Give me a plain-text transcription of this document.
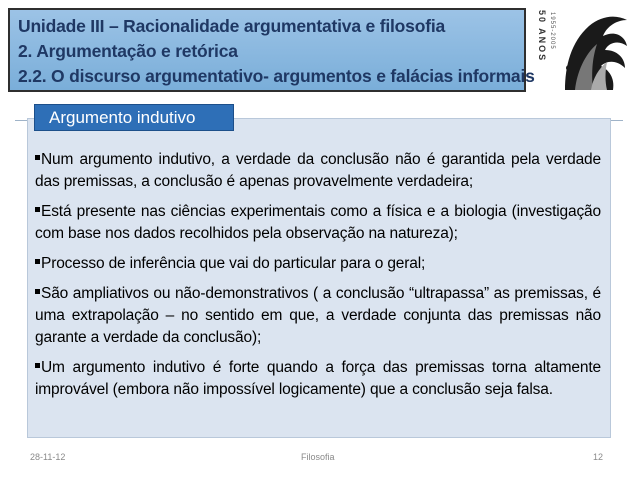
Unidade III – Racionalidade argumentativa e filosofia
2. Argumentação e retórica
2.2. O discurso argumentativo- argumentos e falácias informais
50 ANOS 1955-2005
Argumento indutivo
Num argumento indutivo, a verdade da conclusão não é garantida pela verdade das premissas, a conclusão é apenas provavelmente verdadeira;
Está presente nas ciências experimentais como a física e a biologia (investigação com base nos dados recolhidos pela observação na natureza);
Processo de inferência que vai do particular para o geral;
São ampliativos ou não-demonstrativos ( a conclusão “ultrapassa” as premissas, é uma extrapolação – no sentido em que, a verdade conjunta das premissas não garante a verdade da conclusão);
Um argumento indutivo é forte quando a força das premissas torna altamente improvável (embora não impossível logicamente) que a conclusão seja falsa.
28-11-12	Filosofia	12
